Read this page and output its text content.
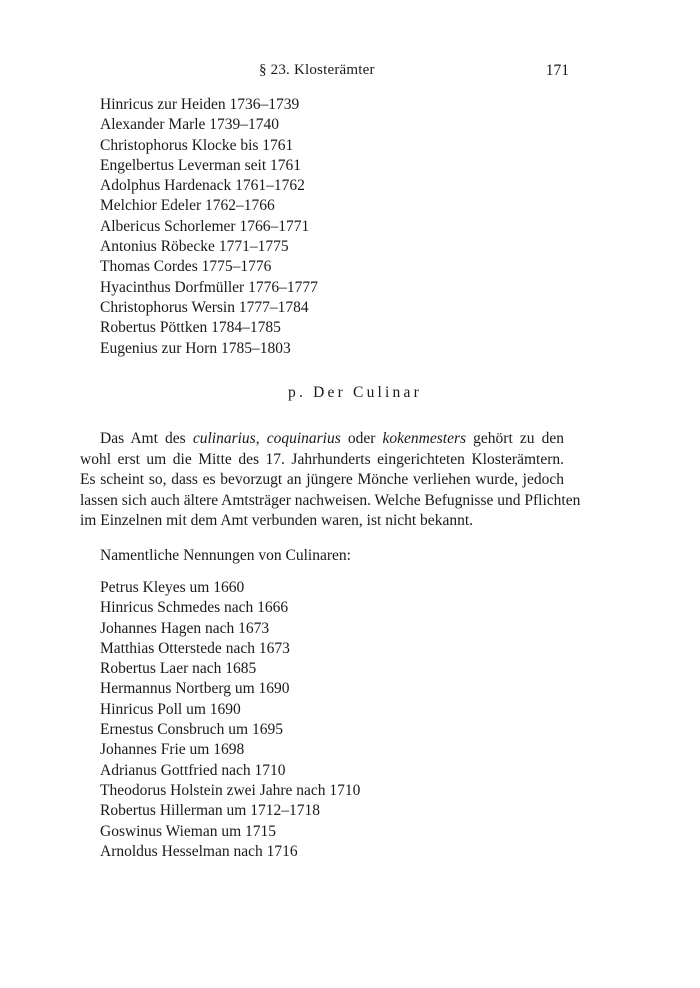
§ 23. Klosterämter	171
Hinricus zur Heiden 1736–1739
Alexander Marle 1739–1740
Christophorus Klocke bis 1761
Engelbertus Leverman seit 1761
Adolphus Hardenack 1761–1762
Melchior Edeler 1762–1766
Albericus Schorlemer 1766–1771
Antonius Röbecke 1771–1775
Thomas Cordes 1775–1776
Hyacinthus Dorfmüller 1776–1777
Christophorus Wersin 1777–1784
Robertus Pöttken 1784–1785
Eugenius zur Horn 1785–1803
p. Der Culinar

Das Amt des culinarius, coquinarius oder kokenmesters gehört zu den
wohl erst um die Mitte des 17. Jahrhunderts eingerichteten Klosterämtern.
Es scheint so, dass es bevorzugt an jüngere Mönche verliehen wurde, jedoch
lassen sich auch ältere Amtsträger nachweisen. Welche Befugnisse und Pflichten
im Einzelnen mit dem Amt verbunden waren, ist nicht bekannt.

Namentliche Nennungen von Culinaren:
Petrus Kleyes um 1660
Hinricus Schmedes nach 1666
Johannes Hagen nach 1673
Matthias Otterstede nach 1673
Robertus Laer nach 1685
Hermannus Nortberg um 1690
Hinricus Poll um 1690
Ernestus Consbruch um 1695
Johannes Frie um 1698
Adrianus Gottfried nach 1710
Theodorus Holstein zwei Jahre nach 1710
Robertus Hillerman um 1712–1718
Goswinus Wieman um 1715
Arnoldus Hesselman nach 1716
